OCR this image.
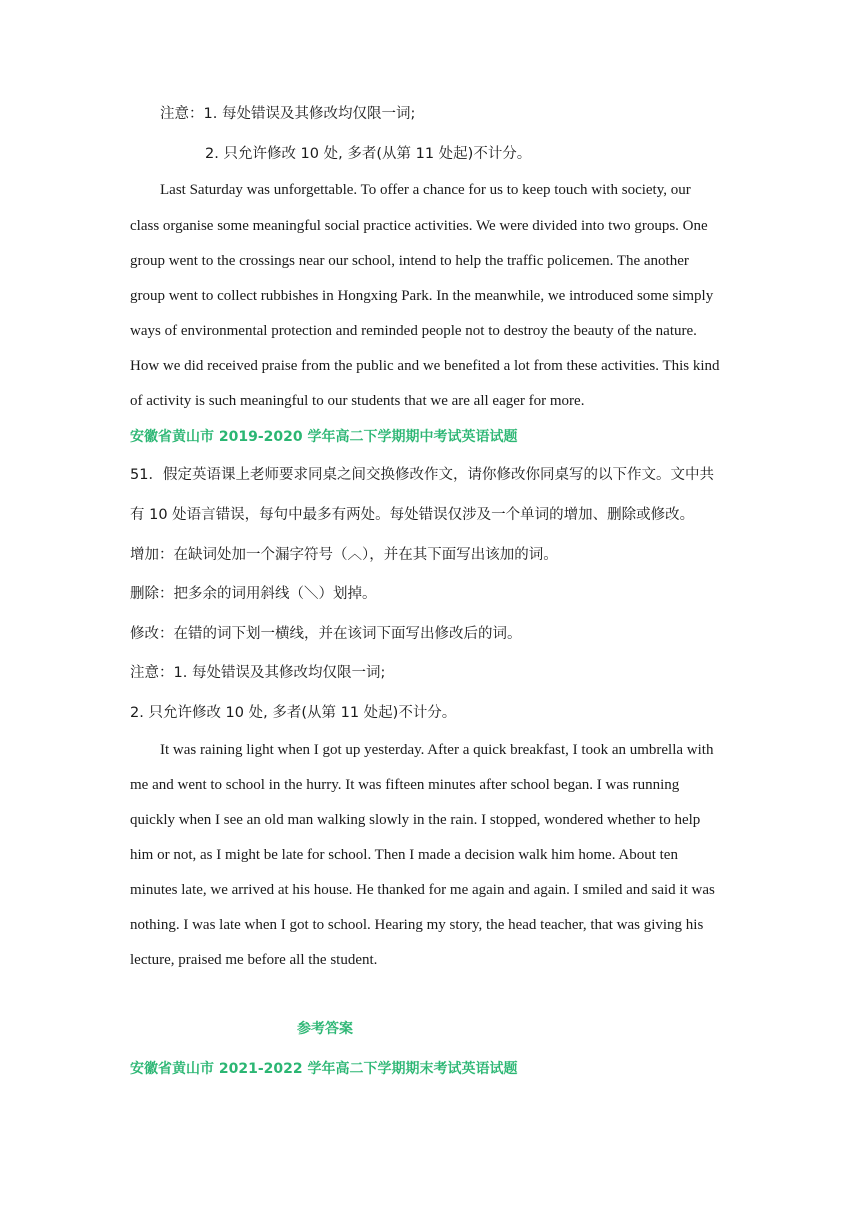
注意：1. 每处错误及其修改均仅限一词;
2. 只允许修改 10 处, 多者(从第 11 处起)不计分。
Last Saturday was unforgettable. To offer a chance for us to keep touch with society, our
class organise some meaningful social practice activities. We were divided into two groups. One
group went to the crossings near our school, intend to help the traffic policemen. The another
group went to collect rubbishes in Hongxing Park. In the meanwhile, we introduced some simply
ways of environmental protection and reminded people not to destroy the beauty of the nature.
How we did received praise from the public and we benefited a lot from these activities. This kind
of activity is such meaningful to our students that we are all eager for more.
安徽省黄山市 2019-2020 学年高二下学期期中考试英语试题
51．假定英语课上老师要求同桌之间交换修改作文，请你修改你同桌写的以下作文。文中共
有 10 处语言错误，每句中最多有两处。每处错误仅涉及一个单词的增加、删除或修改。
增加：在缺词处加一个漏字符号（︿），并在其下面写出该加的词。
删除：把多余的词用斜线（＼）划掉。
修改：在错的词下划一横线，并在该词下面写出修改后的词。
注意：1. 每处错误及其修改均仅限一词;
2. 只允许修改 10 处, 多者(从第 11 处起)不计分。
It was raining light when I got up yesterday. After a quick breakfast, I took an umbrella with
me and went to school in the hurry. It was fifteen minutes after school began. I was running
quickly when I see an old man walking slowly in the rain. I stopped, wondered whether to help
him or not, as I might be late for school. Then I made a decision walk him home. About ten
minutes late, we arrived at his house. He thanked for me again and again. I smiled and said it was
nothing. I was late when I got to school. Hearing my story, the head teacher, that was giving his
lecture, praised me before all the student.
参考答案
安徽省黄山市 2021-2022 学年高二下学期期末考试英语试题
